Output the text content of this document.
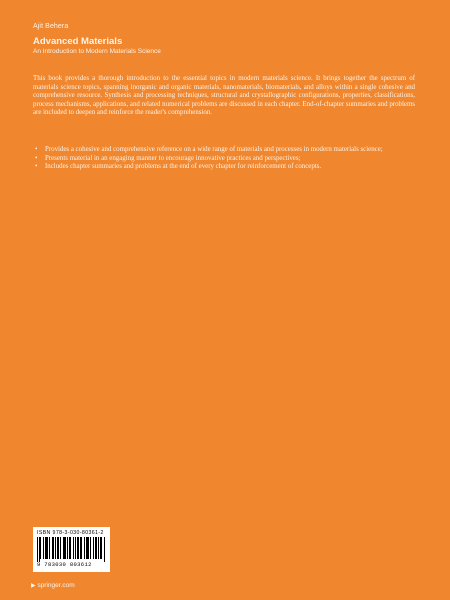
Ajit Behera
Advanced Materials
An Introduction to Modern Materials Science

This book provides a thorough introduction to the essential topics in modern materials science. It brings together the spectrum of materials science topics, spanning inorganic and organic materials, nanomaterials, biomaterials, and alloys within a single cohesive and comprehensive resource. Synthesis and processing techniques, structural and crystallographic configurations, properties, classifications, process mechanisms, applications, and related numerical problems are discussed in each chapter. End-of-chapter summaries and problems are included to deepen and reinforce the reader's comprehension.

• Provides a cohesive and comprehensive reference on a wide range of materials and processes in modern materials science;
• Presents material in an engaging manner to encourage innovative practices and perspectives;
• Includes chapter summaries and problems at the end of every chapter for reinforcement of concepts.
ISBN 978-3-030-80361-2
9 783030 803612
▶ springer.com
